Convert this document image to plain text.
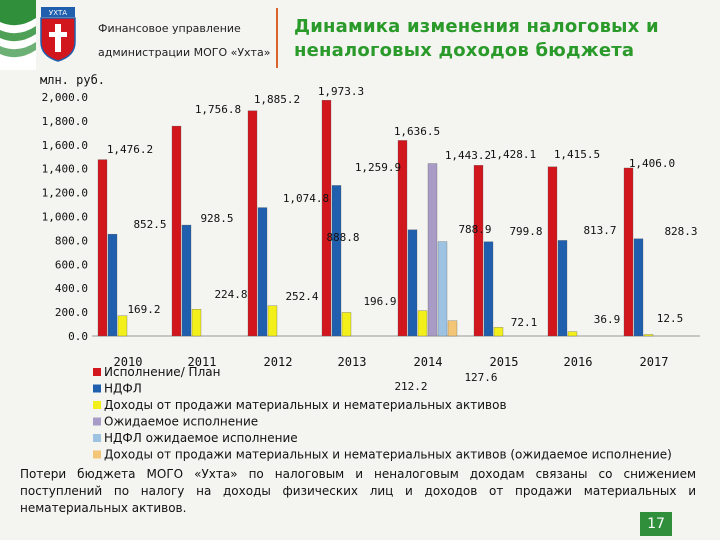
УХТА
Финансовое управление
администрации МОГО «Ухта»
Динамика изменения налоговых и
неналоговых доходов бюджета
млн. руб.
0.0
200.0
400.0
600.0
800.0
1,000.0
1,200.0
1,400.0
1,600.0
1,800.0
2,000.0
2010	2011	2012	2013	2014	2015	2016	2017
1,476.2
1,756.8
1,885.2
1,973.3
1,636.5
1,428.1 1,415.5
1,406.0
852.5	928.5
1,074.8
1,259.9
888.8
788.9 799.8	813.7	828.3
169.2
224.8	252.4	196.9
212.2
72.1	36.9	12.5
1,443.2
127.6
Исполнение/ План
НДФЛ
Доходы от продажи материальных и нематериальных активов
Ожидаемое исполнение
НДФЛ ожидаемое исполнение
Доходы от продажи материальных и нематериальных активов (ожидаемое исполнение)
Потери бюджета МОГО «Ухта» по налоговым и неналоговым доходам связаны со снижением поступлений по налогу на доходы физических лиц и доходов от продажи материальных и нематериальных активов.
17
